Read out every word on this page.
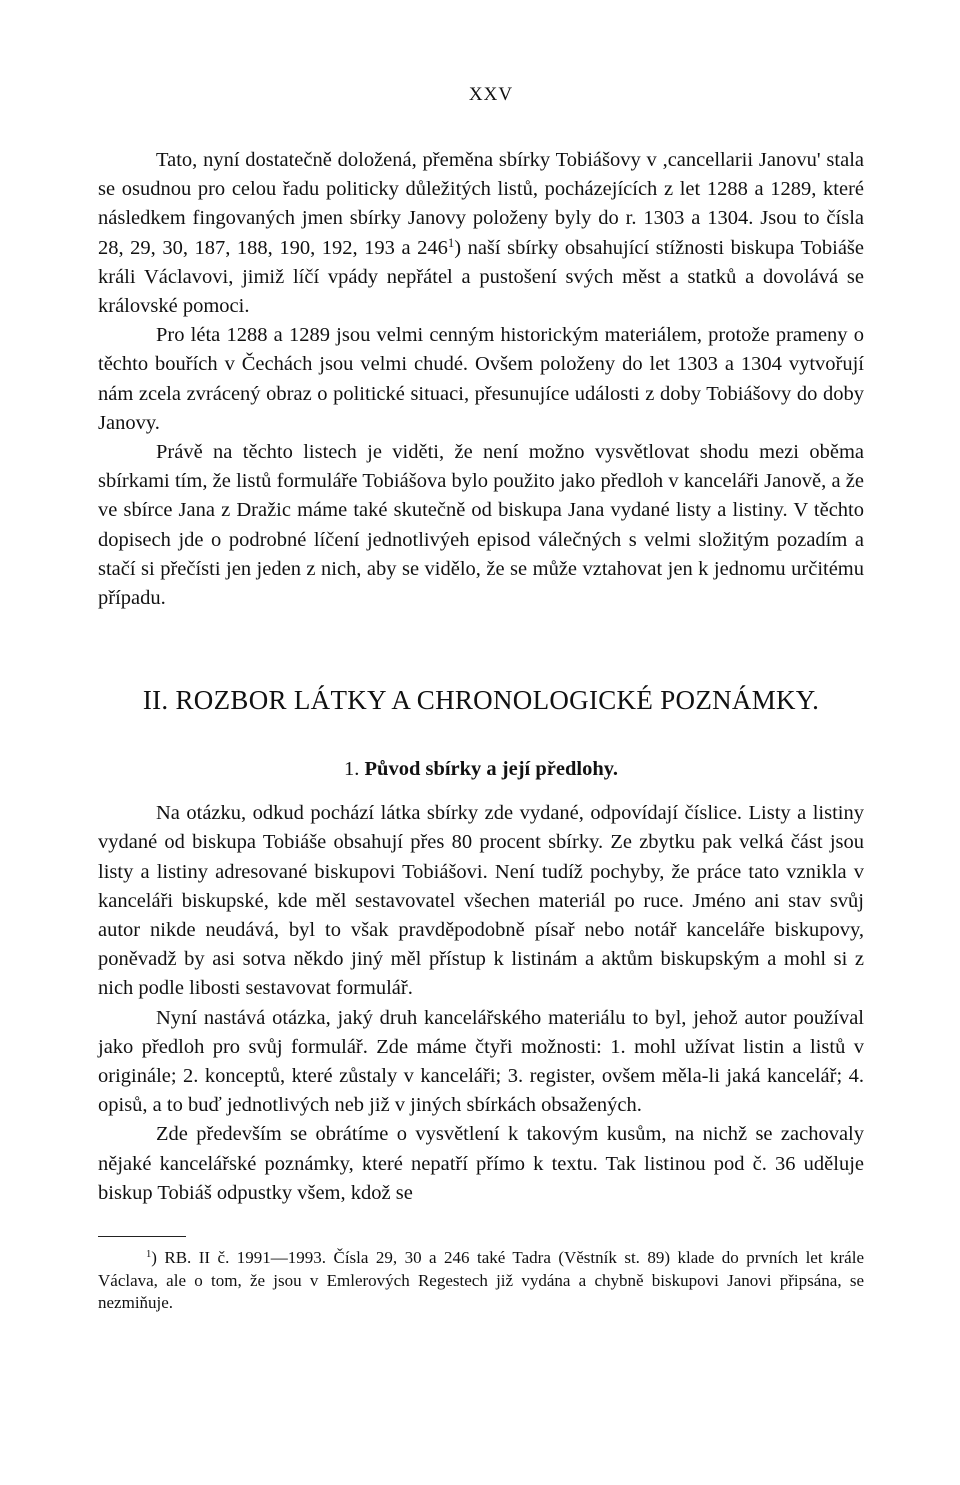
XXV

Tato, nyní dostatečně doložená, přeměna sbírky Tobiášovy v ,cancellarii Janovu' stala se osudnou pro celou řadu politicky důležitých listů, pocházejících z let 1288 a 1289, které následkem fingovaných jmen sbírky Janovy položeny byly do r. 1303 a 1304. Jsou to čísla 28, 29, 30, 187, 188, 190, 192, 193 a $246^1$) naší sbírky obsahující stížnosti biskupa Tobiáše králi Václavovi, jimiž líčí vpády nepřátel a pustošení svých měst a statků a dovolává se královské pomoci.

Pro léta 1288 a 1289 jsou velmi cenným historickým materiálem, protože prameny o těchto bouřích v Čechách jsou velmi chudé. Ovšem položeny do let 1303 a 1304 vytvořují nám zcela zvrácený obraz o politické situaci, přesunujíce události z doby Tobiášovy do doby Janovy.

Právě na těchto listech je viděti, že není možno vysvětlovat shodu mezi oběma sbírkami tím, že listů formuláře Tobiášova bylo použito jako předloh v kanceláři Janově, a že ve sbírce Jana z Dražic máme také skutečně od biskupa Jana vydané listy a listiny. V těchto dopisech jde o podrobné líčení jednotlivýeh episod válečných s velmi složitým pozadím a stačí si přečísti jen jeden z nich, aby se vidělo, že se může vztahovat jen k jednomu určitému případu.

II. ROZBOR LÁTKY A CHRONOLOGICKÉ POZNÁMKY.
1. Původ sbírky a její předlohy.

Na otázku, odkud pochází látka sbírky zde vydané, odpovídají číslice. Listy a listiny vydané od biskupa Tobiáše obsahují přes 80 procent sbírky. Ze zbytku pak velká část jsou listy a listiny adresované biskupovi Tobiášovi. Není tudíž pochyby, že práce tato vznikla v kanceláři biskupské, kde měl sestavovatel všechen materiál po ruce. Jméno ani stav svůj autor nikde neudává, byl to však pravděpodobně písař nebo notář kanceláře biskupovy, poněvadž by asi sotva někdo jiný měl přístup k listinám a aktům biskupským a mohl si z nich podle libosti sestavovat formulář.

Nyní nastává otázka, jaký druh kancelářského materiálu to byl, jehož autor používal jako předloh pro svůj formulář. Zde máme čtyři možnosti: 1. mohl užívat listin a listů v originále; 2. konceptů, které zůstaly v kanceláři; 3. register, ovšem měla-li jaká kancelář; 4. opisů, a to buď jednotlivých neb již v jiných sbírkách obsažených.

Zde především se obrátíme o vysvětlení k takovým kusům, na nichž se zachovaly nějaké kancelářské poznámky, které nepatří přímo k textu. Tak listinou pod č. 36 uděluje biskup Tobiáš odpustky všem, kdož se

$^1$) RB. II č. 1991—1993. Čísla 29, 30 a 246 také Tadra (Věstník st. 89) klade do prvních let krále Václava, ale o tom, že jsou v Emlerových Regestech již vydána a chybně biskupovi Janovi připsána, se nezmiňuje.
